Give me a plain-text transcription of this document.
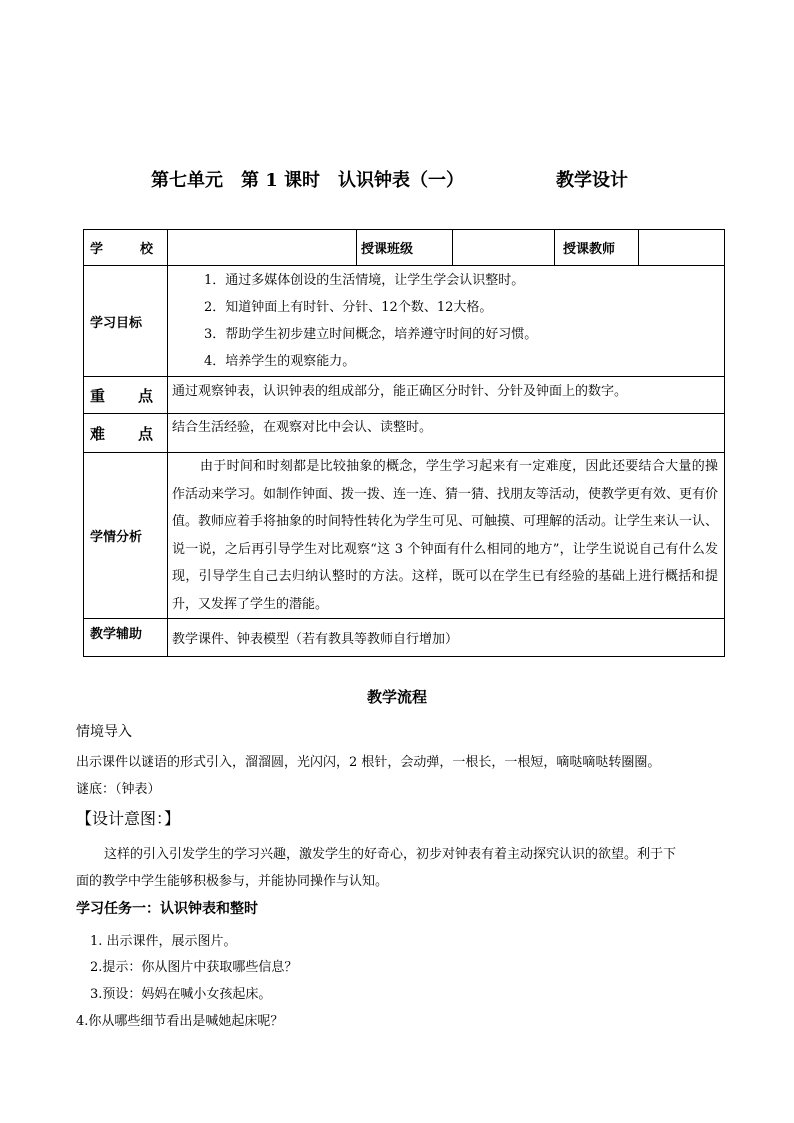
第七单元　第 1 课时　认识钟表（一）	教学设计
学 校		授课班级		授课教师	
学习目标	1．通过多媒体创设的生活情境，让学生学会认识整时。
2．知道钟面上有时针、分针、12个数、12大格。
3．帮助学生初步建立时间概念，培养遵守时间的好习惯。
4．培养学生的观察能力。				

重 点	通过观察钟表，认识钟表的组成部分，能正确区分时针、分针及钟面上的数字。				

难 点	结合生活经验，在观察对比中会认、读整时。				
学情分析	由于时间和时刻都是比较抽象的概念，学生学习起来有一定难度，因此还要结合大量的操作活动来学习。如制作钟面、拨一拨、连一连、猜一猜、找朋友等活动，使教学更有效、更有价值。教师应着手将抽象的时间特性转化为学生可见、可触摸、可理解的活动。让学生来认一认、说一说，之后再引导学生对比观察“这 3 个钟面有什么相同的地方”，让学生说说自己有什么发现，引导学生自己去归纳认整时的方法。这样，既可以在学生已有经验的基础上进行概括和提升，又发挥了学生的潜能。				

教学辅助	教学课件、钟表模型（若有教具等教师自行增加）				
教学流程
情境导入
出示课件以谜语的形式引入，溜溜圆，光闪闪，2 根针，会动弹，一根长，一根短，嘀哒嘀哒转圈圈。
谜底：（钟表）
【设计意图：】
这样的引入引发学生的学习兴趣，激发学生的好奇心，初步对钟表有着主动探究认识的欲望。利于下
面的教学中学生能够积极参与，并能协同操作与认知。
学习任务一：认识钟表和整时
1. 出示课件，展示图片。
2.提示：你从图片中获取哪些信息？
3.预设：妈妈在喊小女孩起床。
4.你从哪些细节看出是喊她起床呢？
